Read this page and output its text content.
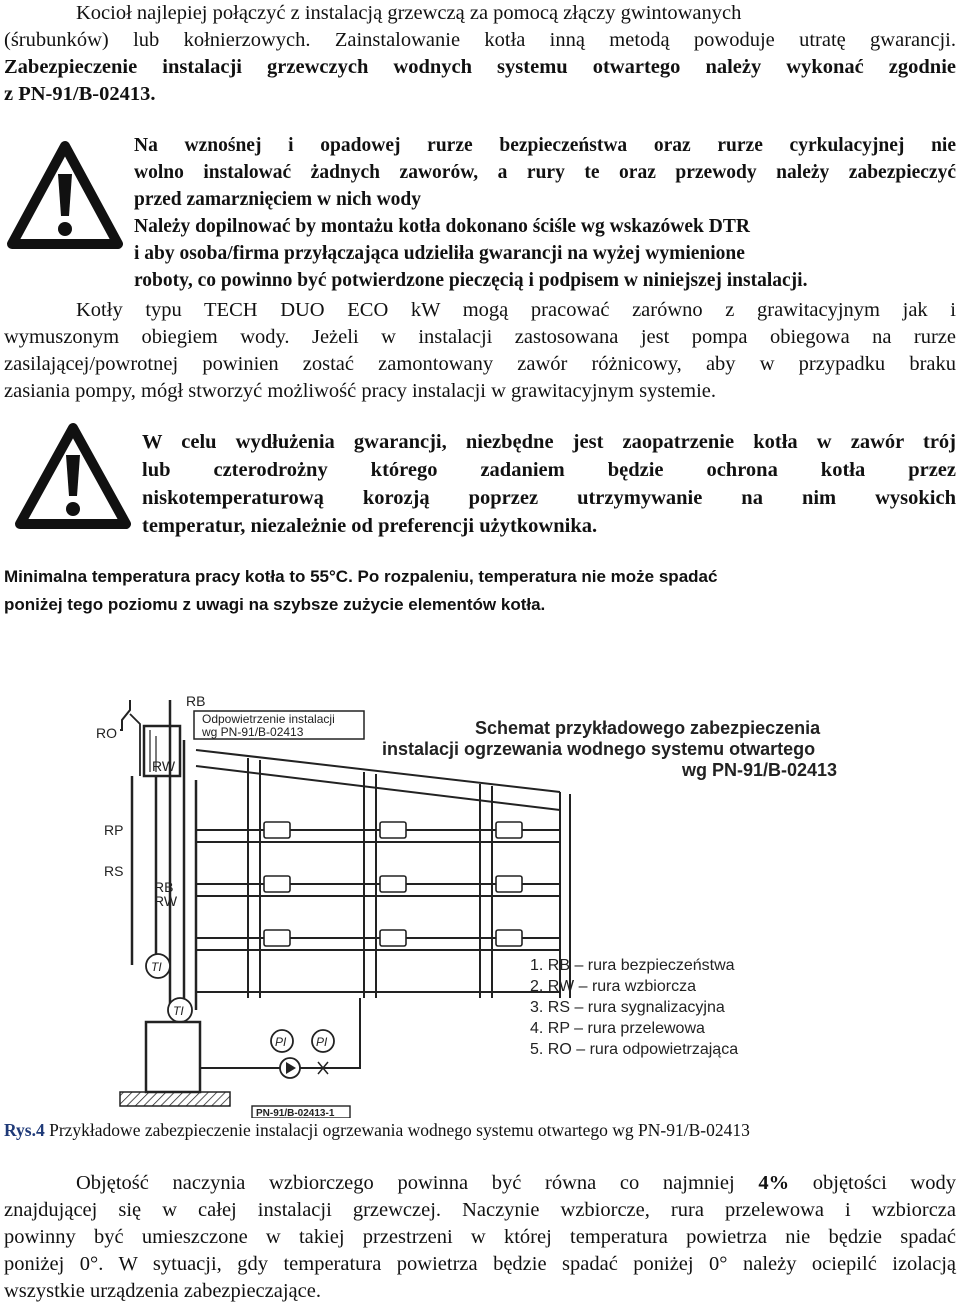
Kocioł najlepiej połączyć z instalacją grzewczą za pomocą złączy gwintowanych
(śrubunków) lub kołnierzowych. Zainstalowanie kotła inną metodą powoduje utratę gwarancji.
Zabezpieczenie instalacji grzewczych wodnych systemu otwartego należy wykonać zgodnie
z PN-91/B-02413.
Na wznośnej i opadowej rurze bezpieczeństwa oraz rurze cyrkulacyjnej nie
wolno instalować żadnych zaworów, a rury te oraz przewody należy zabezpieczyć
przed zamarznięciem w nich wody
Należy dopilnować by montażu kotła dokonano ściśle wg wskazówek DTR
i aby osoba/firma przyłączająca udzieliła gwarancji na wyżej wymienione
roboty, co powinno być potwierdzone pieczęcią i podpisem w niniejszej instalacji.
Kotły typu TECH DUO ECO kW mogą pracować zarówno z grawitacyjnym jak i
wymuszonym obiegiem wody. Jeżeli w instalacji zastosowana jest pompa obiegowa na rurze
zasilającej/powrotnej powinien zostać zamontowany zawór różnicowy, aby w przypadku braku
zasiania pompy, mógł stworzyć możliwość pracy instalacji w grawitacyjnym systemie.
W celu wydłużenia gwarancji, niezbędne jest zaopatrzenie kotła w zawór trój
lub czterodrożny którego zadaniem będzie ochrona kotła przez
niskotemperaturową korozją poprzez utrzymywanie na nim wysokich
temperatur, niezależnie od preferencji użytkownika.
Minimalna temperatura pracy kotła to 55°C. Po rozpaleniu, temperatura nie może spadać
poniżej tego poziomu z uwagi na szybsze zużycie elementów kotła.
Schemat przykładowego zabezpieczenia
instalacji ogrzewania wodnego systemu otwartego
wg PN-91/B-02413
RB
Odpowietrzenie instalacji
wg PN-91/B-02413
RO
RW
RP
RS
RB
RW
TI
TI
PI PI
1. RB – rura bezpieczeństwa
2. RW – rura wzbiorcza
3. RS – rura sygnalizacyjna
4. RP – rura przelewowa
5. RO – rura odpowietrzająca
PN-91/B-02413-1
Rys.4 Przykładowe zabezpieczenie instalacji ogrzewania wodnego systemu otwartego wg PN-91/B-02413
Objętość naczynia wzbiorczego powinna być równa co najmniej 4% objętości wody
znajdującej się w całej instalacji grzewczej. Naczynie wzbiorcze, rura przelewowa i wzbiorcza
powinny być umieszczone w takiej przestrzeni w której temperatura powietrza nie będzie spadać
poniżej 0°. W sytuacji, gdy temperatura powietrza będzie spadać poniżej 0° należy ociepilć izolacją
wszystkie urządzenia zabezpieczające.
